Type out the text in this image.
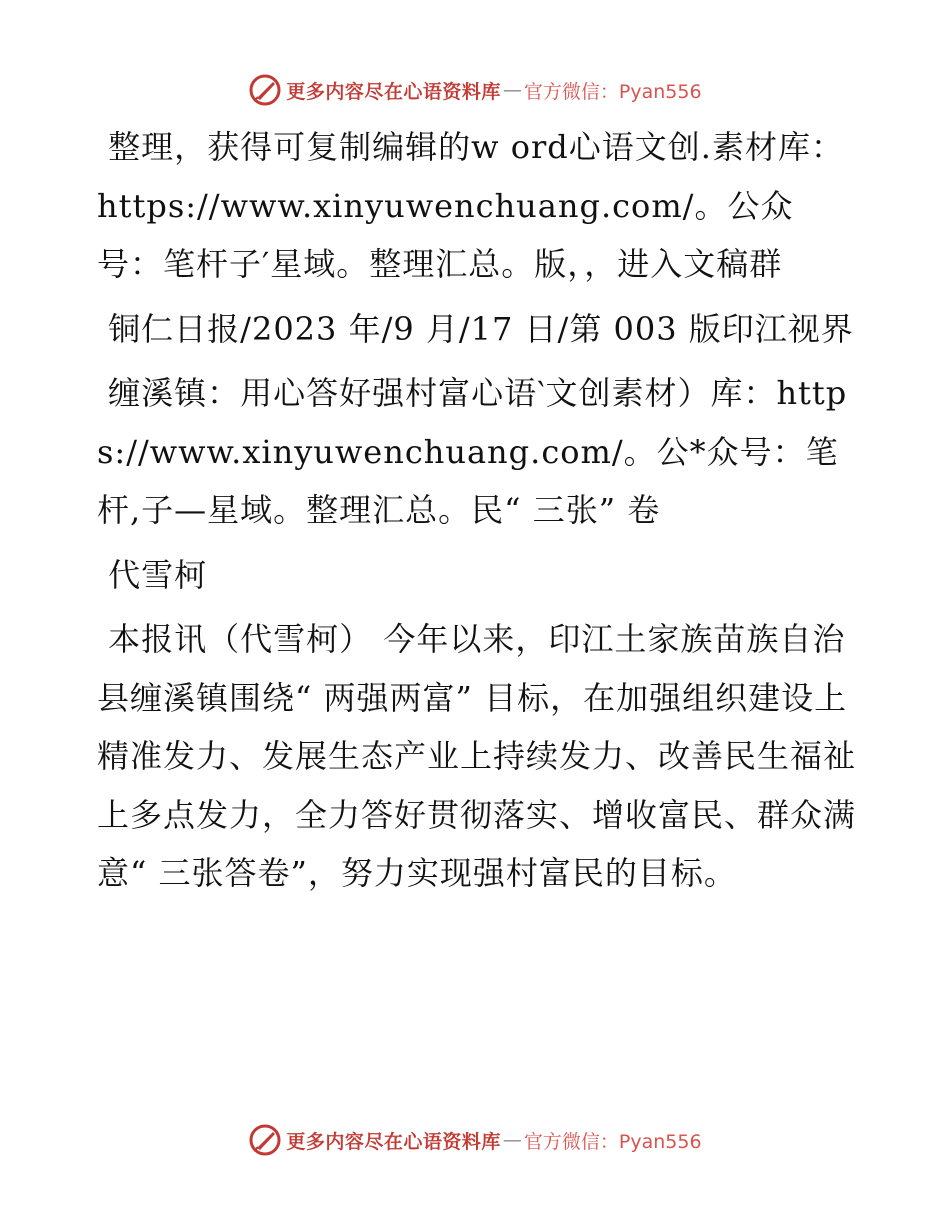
更多内容尽在心语资料库 — 官方微信：Pyan556

整理，获得可复制编辑的w ord心语文创.素材库：https://www.xinyuwenchuang.com/。公众号：笔杆子′星域。整理汇总。版，，进入文稿群

铜仁日报/2023 年/9 月/17 日/第 003 版印江视界

缠溪镇：用心答好强村富心语‵文创素材）库：https://www.xinyuwenchuang.com/。公*众号：笔杆,子—星域。整理汇总。民“ 三张” 卷

代雪柯

本报讯（代雪柯） 今年以来，印江土家族苗族自治县缠溪镇围绕“ 两强两富” 目标，在加强组织建设上精准发力、发展生态产业上持续发力、改善民生福祉上多点发力，全力答好贯彻落实、增收富民、群众满意“ 三张答卷”，努力实现强村富民的目标。

更多内容尽在心语资料库 — 官方微信：Pyan556
